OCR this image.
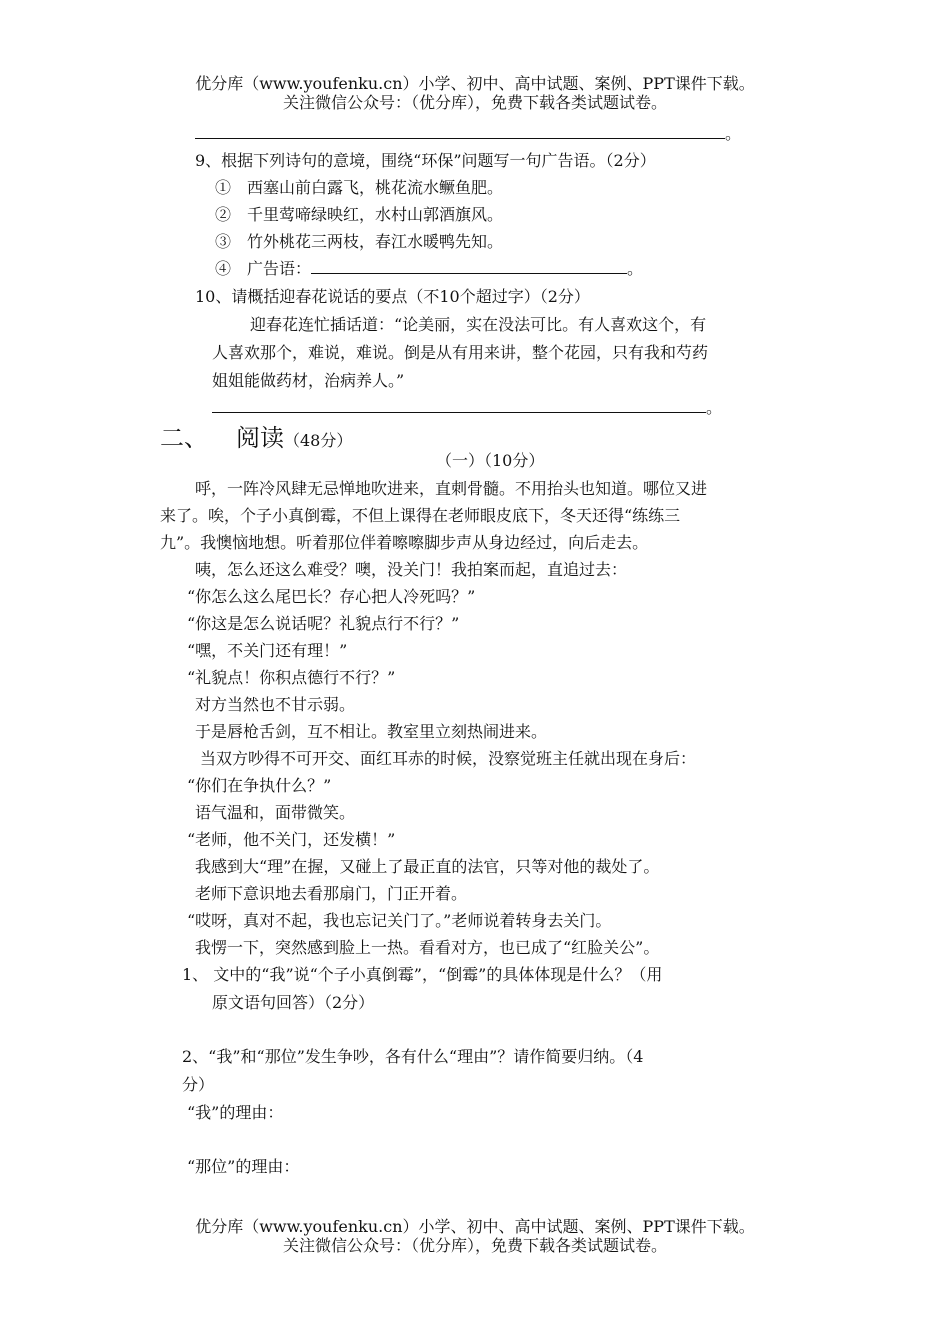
优分库（www.youfenku.cn）小学、初中、高中试题、案例、PPT课件下载。
关注微信公众号：（优分库），免费下载各类试题试卷。
。
9、根据下列诗句的意境，围绕“环保”问题写一句广告语。（2分）
①　西塞山前白露飞，桃花流水鳜鱼肥。
②　千里莺啼绿映红，水村山郭酒旗风。
③　竹外桃花三两枝，春江水暖鸭先知。
④　广告语：	。
10、请概括迎春花说话的要点（不10个超过字）（2分）
迎春花连忙插话道：“论美丽，实在没法可比。有人喜欢这个，有
人喜欢那个，难说，难说。倒是从有用来讲，整个花园，只有我和芍药
姐姐能做药材，治病养人。”
。
二、 阅读（48分）
（一）（10分）
呼，一阵冷风肆无忌惮地吹进来，直刺骨髓。不用抬头也知道。哪位又进
来了。唉，个子小真倒霉，不但上课得在老师眼皮底下，冬天还得“练练三
九”。我懊恼地想。听着那位伴着嚓嚓脚步声从身边经过，向后走去。
咦，怎么还这么难受？噢，没关门！我拍案而起，直追过去：
“你怎么这么尾巴长？存心把人冷死吗？”
“你这是怎么说话呢？礼貌点行不行？”
“嘿，不关门还有理！”
“礼貌点！你积点德行不行？”
对方当然也不甘示弱。
于是唇枪舌剑，互不相让。教室里立刻热闹进来。
当双方吵得不可开交、面红耳赤的时候，没察觉班主任就出现在身后：
“你们在争执什么？”
语气温和，面带微笑。
“老师，他不关门，还发横！”
我感到大“理”在握，又碰上了最正直的法官，只等对他的裁处了。
老师下意识地去看那扇门，门正开着。
“哎呀，真对不起，我也忘记关门了。”老师说着转身去关门。
我愣一下，突然感到脸上一热。看看对方，也已成了“红脸关公”。
1、 文中的“我”说“个子小真倒霉”，“倒霉”的具体体现是什么？（用
原文语句回答）（2分）
2、“我”和“那位”发生争吵，各有什么“理由”？请作简要归纳。（4
分）
“我”的理由：
“那位”的理由：
优分库（www.youfenku.cn）小学、初中、高中试题、案例、PPT课件下载。
关注微信公众号：（优分库），免费下载各类试题试卷。
